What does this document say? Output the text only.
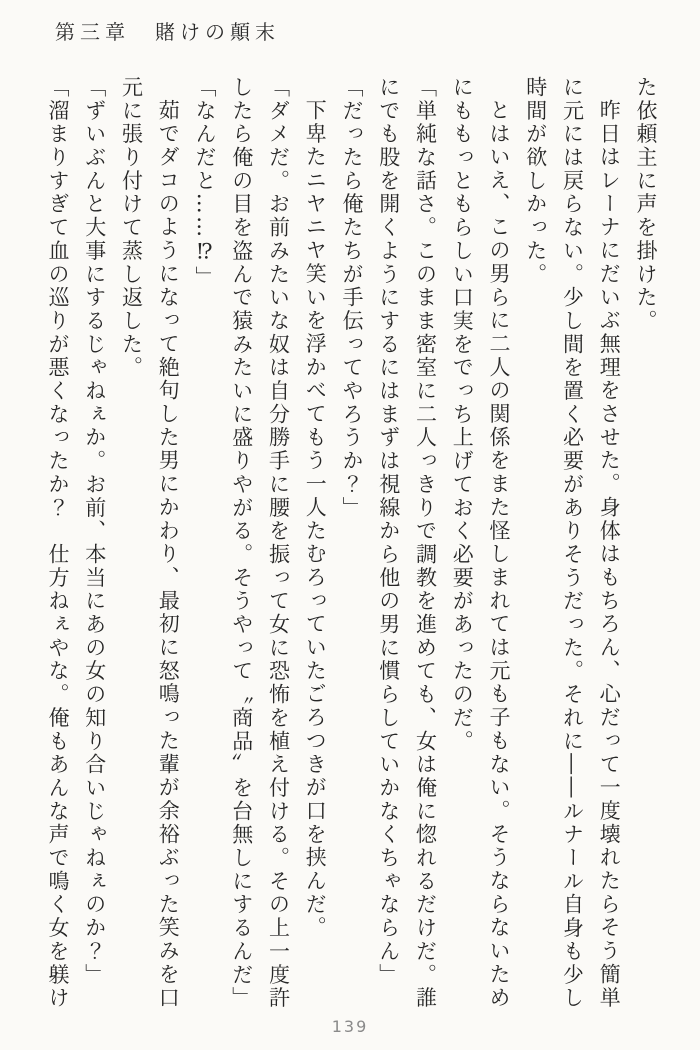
第三章　賭けの顛末

た依頼主に声を掛けた。

昨日はレーナにだいぶ無理をさせた。身体はもちろん、心だって一度壊れたらそう簡単に元には戻らない。少し間を置く必要がありそうだった。それに――ルナール自身も少し時間が欲しかった。

とはいえ、この男らに二人の関係をまた怪しまれては元も子もない。そうならないためにももっともらしい口実をでっち上げておく必要があったのだ。

「単純な話さ。このまま密室に二人っきりで調教を進めても、女は俺に惚れるだけだ。誰にでも股を開くようにするにはまずは視線から他の男に慣らしていかなくちゃならん」

「だったら俺たちが手伝ってやろうか？」

下卑たニヤニヤ笑いを浮かべてもう一人たむろっていたごろつきが口を挟んだ。

「ダメだ。お前みたいな奴は自分勝手に腰を振って女に恐怖を植え付ける。その上一度許したら俺の目を盗んで猿みたいに盛りやがる。そうやって〝商品〟を台無しにするんだ」

「なんだと……⁉」

茹でダコのようになって絶句した男にかわり、最初に怒鳴った輩が余裕ぶった笑みを口元に張り付けて蒸し返した。

「ずいぶんと大事にするじゃねぇか。お前、本当にあの女の知り合いじゃねぇのか？」

「溜まりすぎて血の巡りが悪くなったか？　仕方ねぇやな。俺もあんな声で鳴く女を躾け

139
